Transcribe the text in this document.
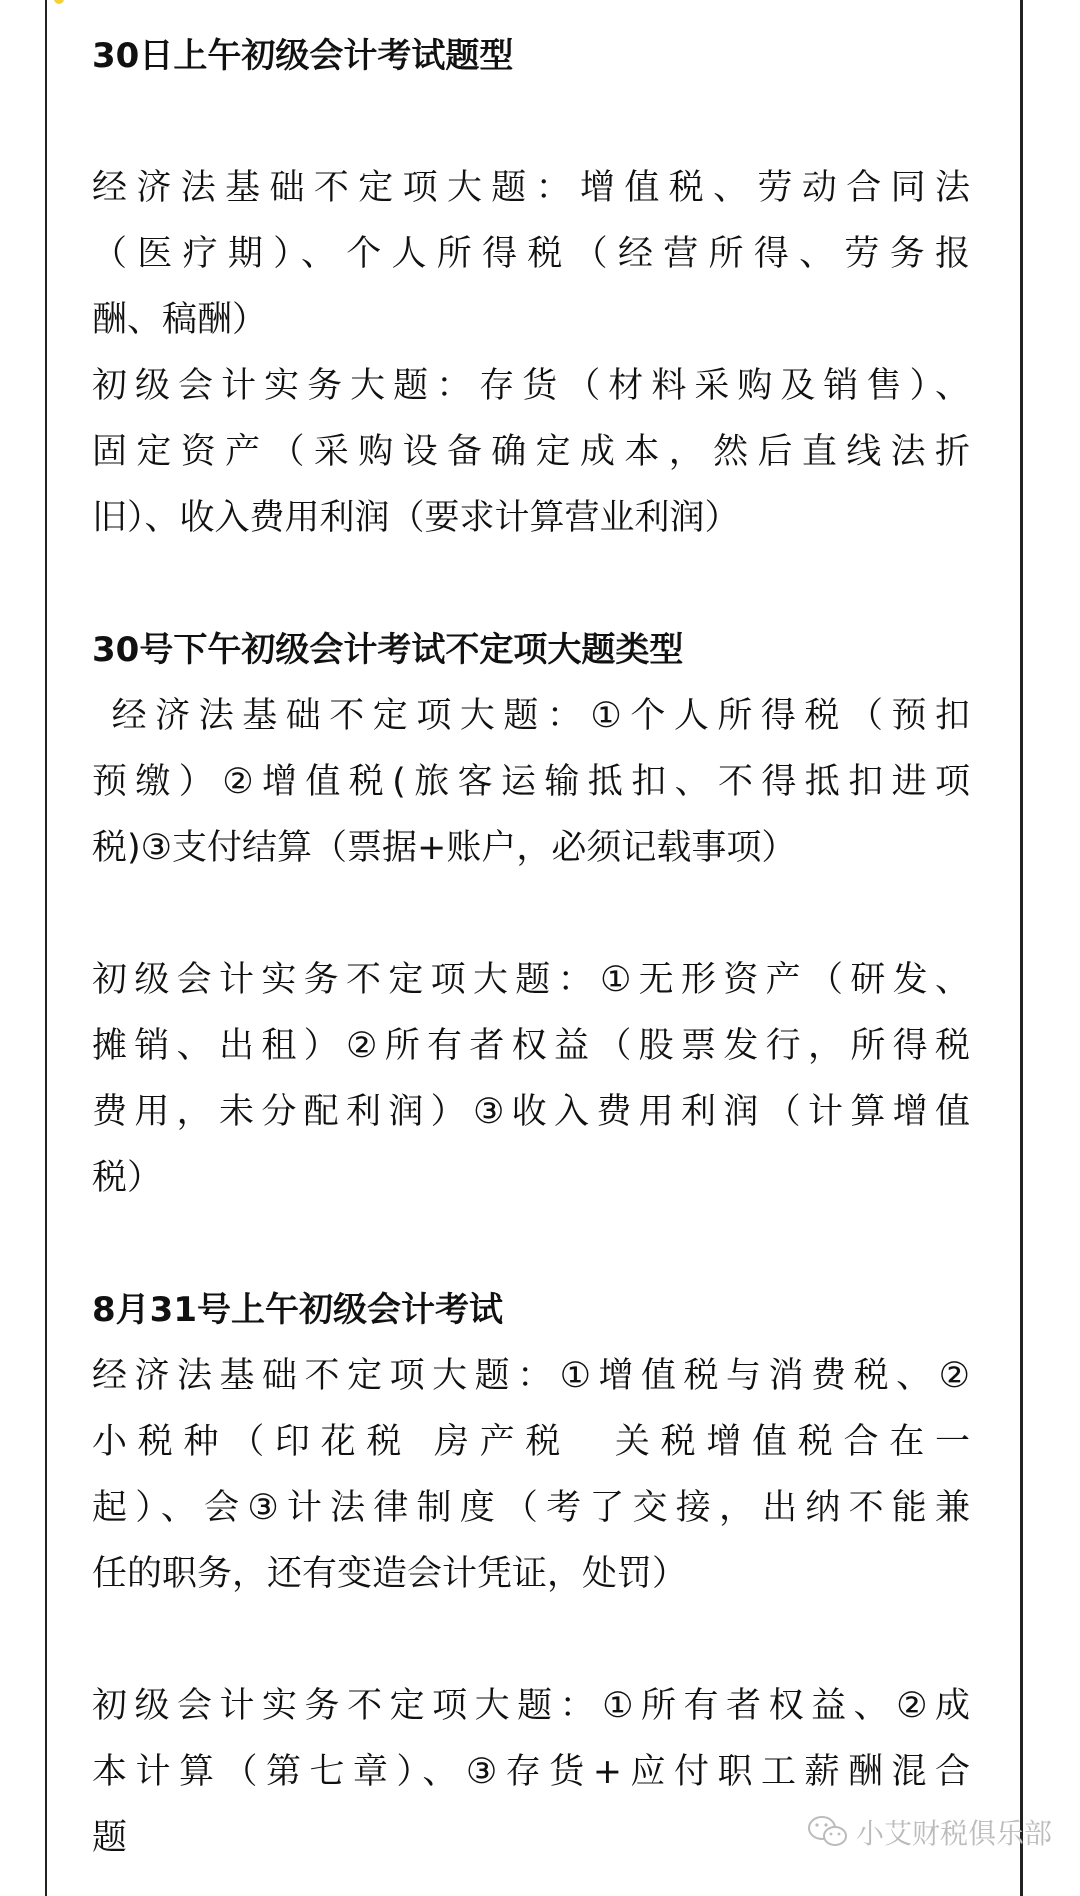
30日上午初级会计考试题型
经济法基础不定项大题：增值税、劳动合同法
（医疗期）、个人所得税（经营所得、劳务报
酬、稿酬）
初级会计实务大题：存货（材料采购及销售）、
固定资产（采购设备确定成本，然后直线法折
旧）、收入费用利润（要求计算营业利润）
30号下午初级会计考试不定项大题类型
经济法基础不定项大题：①个人所得税（预扣
预缴）②增值税(旅客运输抵扣、不得抵扣进项
税)③支付结算（票据+账户，必须记载事项）
初级会计实务不定项大题：①无形资产（研发、
摊销、出租）②所有者权益（股票发行，所得税
费用，未分配利润）③收入费用利润（计算增值
税）
8月31号上午初级会计考试
经济法基础不定项大题：①增值税与消费税、②
小税种（印花税 房产税  关税增值税合在一
起）、会③计法律制度（考了交接，出纳不能兼
任的职务，还有变造会计凭证，处罚）
初级会计实务不定项大题：①所有者权益、②成
本计算（第七章）、③存货+应付职工薪酬混合
题	小艾财税俱乐部
